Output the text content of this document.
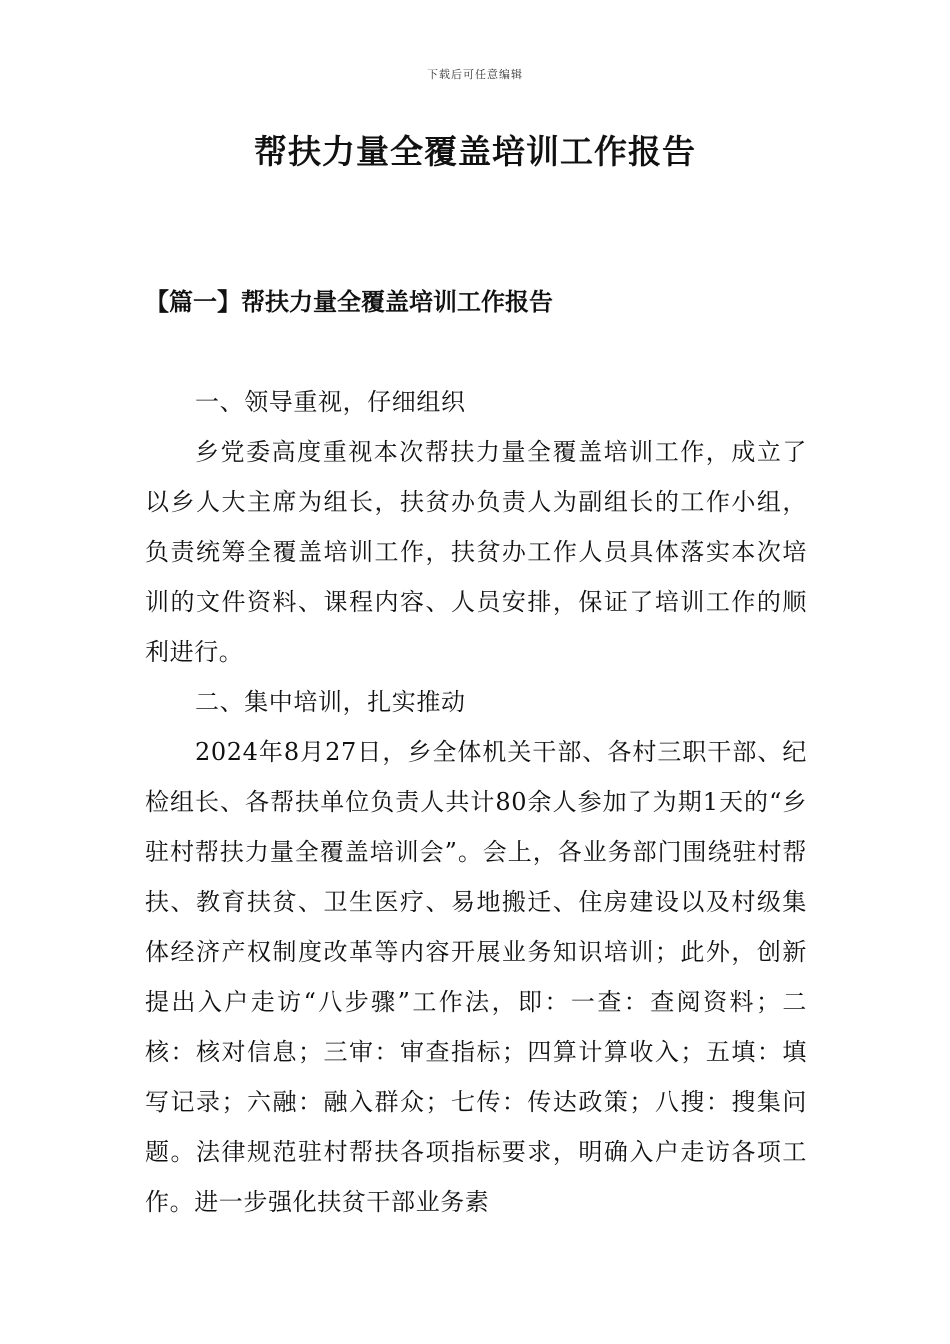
下载后可任意编辑
帮扶力量全覆盖培训工作报告
【篇一】帮扶力量全覆盖培训工作报告

一、领导重视，仔细组织

乡党委高度重视本次帮扶力量全覆盖培训工作，成立了以乡人大主席为组长，扶贫办负责人为副组长的工作小组，负责统筹全覆盖培训工作，扶贫办工作人员具体落实本次培训的文件资料、课程内容、人员安排，保证了培训工作的顺利进行。

二、集中培训，扎实推动

2024年8月27日，乡全体机关干部、各村三职干部、纪检组长、各帮扶单位负责人共计80余人参加了为期1天的“乡驻村帮扶力量全覆盖培训会”。会上，各业务部门围绕驻村帮扶、教育扶贫、卫生医疗、易地搬迁、住房建设以及村级集体经济产权制度改革等内容开展业务知识培训；此外，创新提出入户走访“八步骤”工作法，即：一查：查阅资料；二核：核对信息；三审：审查指标；四算计算收入；五填：填写记录；六融：融入群众；七传：传达政策；八搜：搜集问题。法律规范驻村帮扶各项指标要求，明确入户走访各项工作。进一步强化扶贫干部业务素
